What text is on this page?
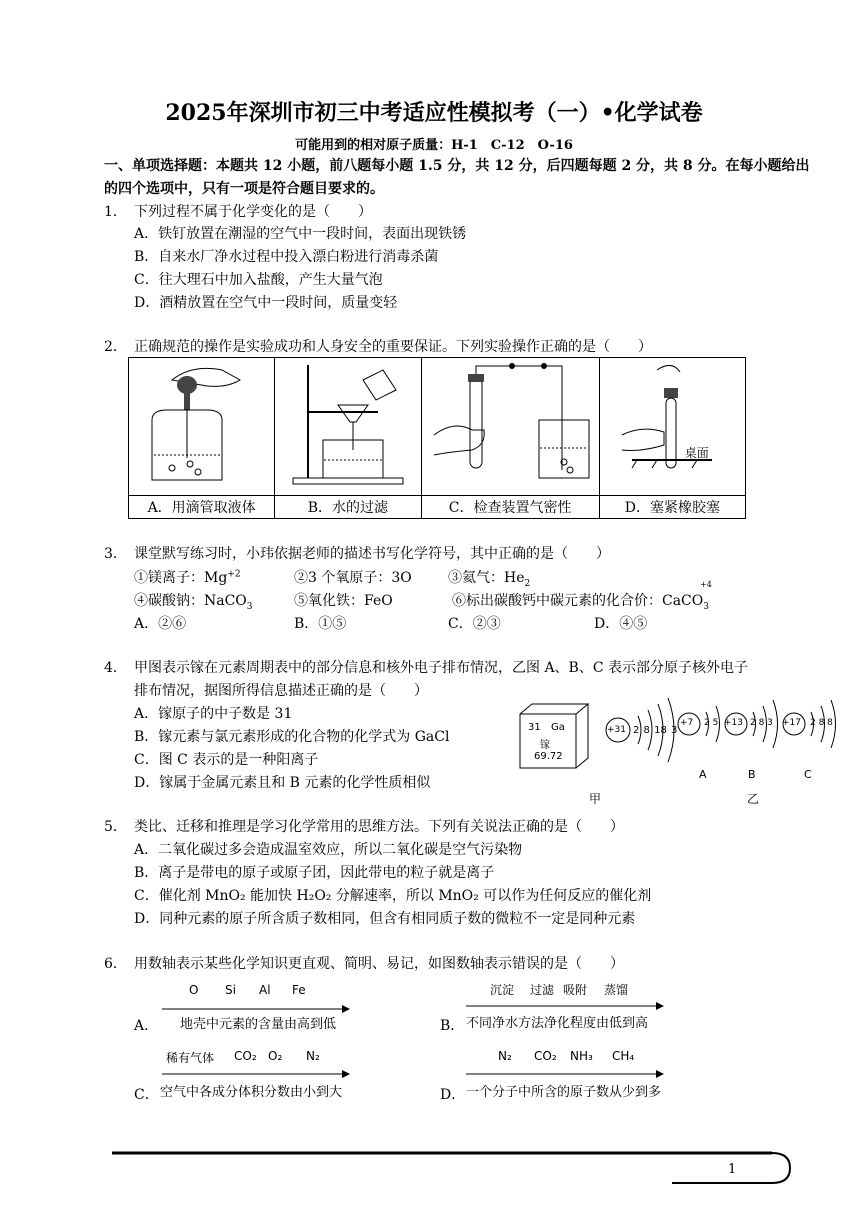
2025年深圳市初三中考适应性模拟考（一）•化学试卷
可能用到的相对原子质量：H-1　C-12　O-16
一、单项选择题：本题共 12 小题，前八题每小题 1.5 分，共 12 分，后四题每题 2 分，共 8 分。在每小题给出的四个选项中，只有一项是符合题目要求的。
1． 下列过程不属于化学变化的是（　　）
A．铁钉放置在潮湿的空气中一段时间，表面出现铁锈
B．自来水厂净水过程中投入漂白粉进行消毒杀菌
C．往大理石中加入盐酸，产生大量气泡
D．酒精放置在空气中一段时间，质量变轻
2． 正确规范的操作是实验成功和人身安全的重要保证。下列实验操作正确的是（　　）

桌面

A．用滴管取液体	B．水的过滤	C．检查装置气密性	D．塞紧橡胶塞
3． 课堂默写练习时，小玮依据老师的描述书写化学符号，其中正确的是（　　）
①镁离子：$Mg^{+2}$	②3 个氧原子：3O	③氦气：$He_2$
④碳酸钠：NaCO$_3$	⑤氧化铁：FeO	⑥标出碳酸钙中碳元素的化合价：CaCO$_3$
+4
A．②⑥	B．①⑤	C．②③	D．④⑤
4． 甲图表示镓在元素周期表中的部分信息和核外电子排布情况，乙图 A、B、C 表示部分原子核外电子
排布情况，据图所得信息描述正确的是（　　）
A．镓原子的中子数是 31
B．镓元素与氯元素形成的化合物的化学式为 GaCl
C．图 C 表示的是一种阳离子
D．镓属于金属元素且和 B 元素的化学性质相似
31 Ga
镓
69.72
+31 2 8 18 3
+7 2 5 +13 2 8 3 +17 2 8 8
A	B	C
甲	乙
5． 类比、迁移和推理是学习化学常用的思维方法。下列有关说法正确的是（　　）
A．二氧化碳过多会造成温室效应，所以二氧化碳是空气污染物
B．离子是带电的原子或原子团，因此带电的粒子就是离子
C．催化剂 MnO₂ 能加快 H₂O₂ 分解速率，所以 MnO₂ 可以作为任何反应的催化剂
D．同种元素的原子所含质子数相同，但含有相同质子数的微粒不一定是同种元素
6． 用数轴表示某些化学知识更直观、简明、易记，如图数轴表示错误的是（　　）
A．
O Si Al Fe
地壳中元素的含量由高到低	B．
沉淀 过滤 吸附 蒸馏
不同净水方法净化程度由低到高
C．
稀有气体 CO₂ O₂ N₂
空气中各成分体积分数由小到大	D．
N₂ CO₂ NH₃ CH₄
一个分子中所含的原子数从少到多
1
